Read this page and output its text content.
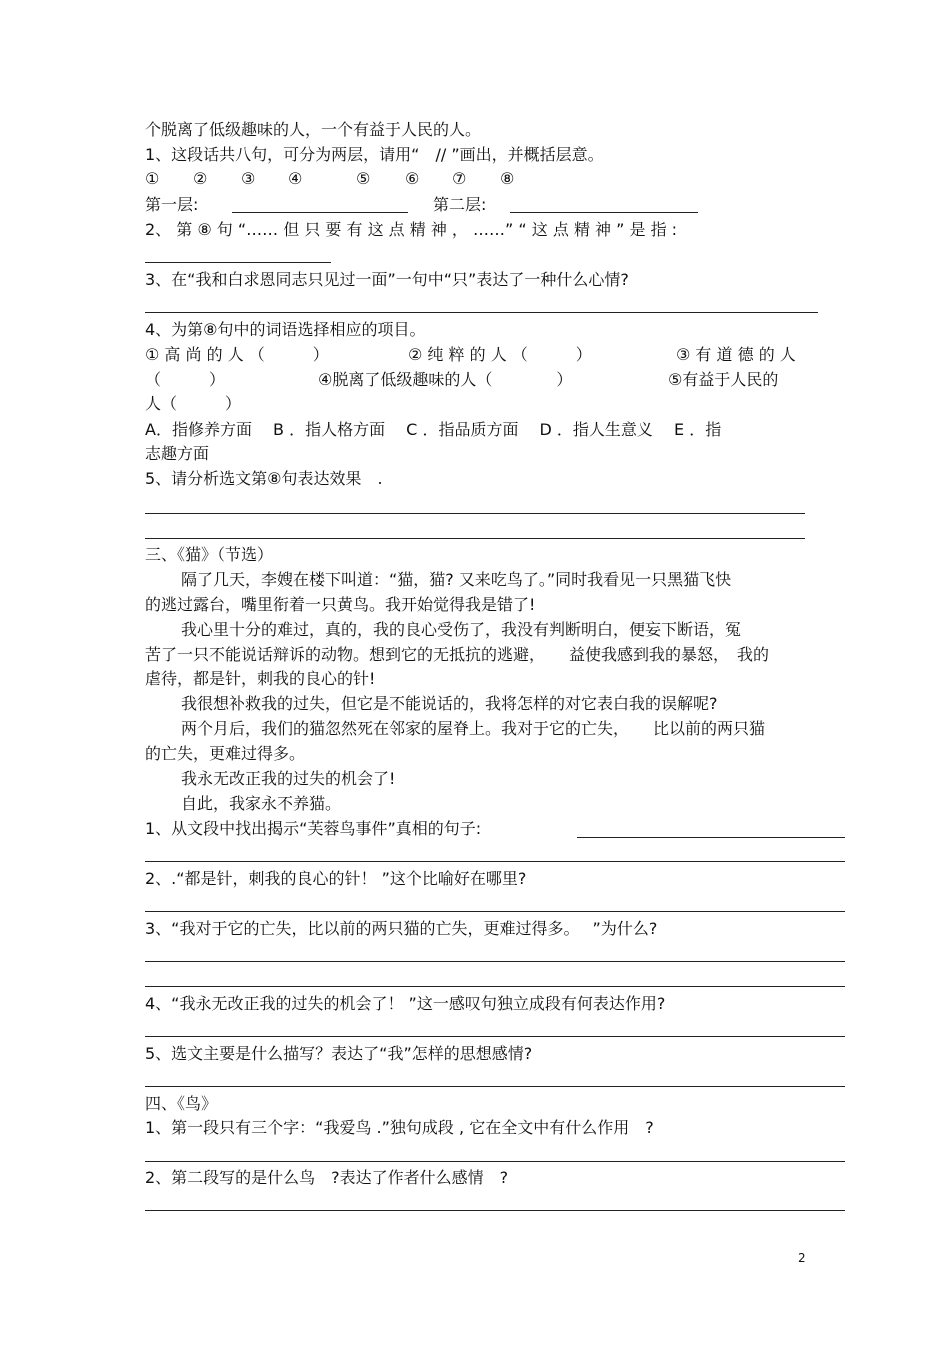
个脱离了低级趣味的人，一个有益于人民的人。
1、这段话共八句，可分为两层，请用“　// ”画出，并概括层意。
① ② ③ ④	⑤ ⑥ ⑦ ⑧
第一层:	第二层:
2、 第 ⑧ 句 “…… 但 只 要 有 这 点 精 神 ， ……” “ 这 点 精 神 ” 是 指 :
3、在“我和白求恩同志只见过一面”一句中“只”表达了一种什么心情?
4、为第⑧句中的词语选择相应的项目。
① 高 尚 的 人 （　　　）	② 纯 粹 的 人 （　　　）	③ 有 道 德 的 人
（　　　）	④脱离了低级趣味的人（　　　　）	⑤有益于人民的
人（　　　）
A．指修养方面　 B ．指人格方面　 C ．指品质方面　 D ．指人生意义　 E ．指
志趣方面
5、请分析选文第⑧句表达效果　.
三、《猫》（节选）
隔了几天，李嫂在楼下叫道：“猫，猫? 又来吃鸟了。”同时我看见一只黑猫飞快
的逃过露台，嘴里衔着一只黄鸟。我开始觉得我是错了!
我心里十分的难过，真的，我的良心受伤了，我没有判断明白，便妄下断语，冤
苦了一只不能说话辩诉的动物。想到它的无抵抗的逃避，　　益使我感到我的暴怒，　我的
虐待，都是针，刺我的良心的针!
我很想补救我的过失，但它是不能说话的，我将怎样的对它表白我的误解呢?
两个月后，我们的猫忽然死在邻家的屋脊上。我对于它的亡失，　　比以前的两只猫
的亡失，更难过得多。
我永无改正我的过失的机会了!
自此，我家永不养猫。
1、从文段中找出揭示“芙蓉鸟事件”真相的句子:
2、.“都是针，刺我的良心的针！ ”这个比喻好在哪里?
3、“我对于它的亡失，比以前的两只猫的亡失，更难过得多。　 ”为什么?
4、“我永无改正我的过失的机会了！ ”这一感叹句独立成段有何表达作用?
5、选文主要是什么描写？表达了“我”怎样的思想感情?
四、《鸟》
1、第一段只有三个字：“我爱鸟 .”独句成段 , 它在全文中有什么作用　?
2、第二段写的是什么鸟　?表达了作者什么感情　?
2
